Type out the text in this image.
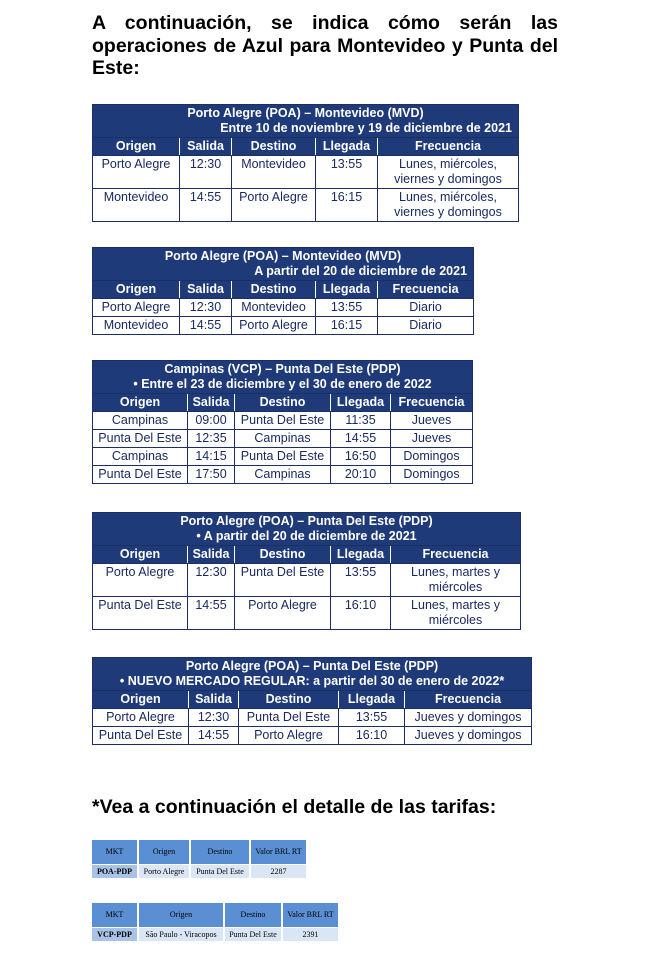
A continuación, se indica cómo serán las operaciones de Azul para Montevideo y Punta del Este:

Porto Alegre (POA) – Montevideo (MVD)
Entre 10 de noviembre y 19 de diciembre de 2021				

Origen	Salida	Destino	Llegada	Frecuencia
Porto Alegre	12:30	Montevideo	13:55	Lunes, miércoles, viernes y domingos
Montevideo	14:55	Porto Alegre	16:15	Lunes, miércoles, viernes y domingos
Porto Alegre (POA) – Montevideo (MVD)
A partir del 20 de diciembre de 2021				

Origen	Salida	Destino	Llegada	Frecuencia
Porto Alegre	12:30	Montevideo	13:55	Diario
Montevideo	14:55	Porto Alegre	16:15	Diario
Campinas (VCP) – Punta Del Este (PDP)
• Entre el 23 de diciembre y el 30 de enero de 2022				

Origen	Salida	Destino	Llegada	Frecuencia
Campinas	09:00	Punta Del Este	11:35	Jueves
Punta Del Este	12:35	Campinas	14:55	Jueves
Campinas	14:15	Punta Del Este	16:50	Domingos
Punta Del Este	17:50	Campinas	20:10	Domingos
Porto Alegre (POA) – Punta Del Este (PDP)
• A partir del 20 de diciembre de 2021				

Origen	Salida	Destino	Llegada	Frecuencia
Porto Alegre	12:30	Punta Del Este	13:55	Lunes, martes y miércoles
Punta Del Este	14:55	Porto Alegre	16:10	Lunes, martes y miércoles
Porto Alegre (POA) – Punta Del Este (PDP)
• NUEVO MERCADO REGULAR: a partir del 30 de enero de 2022*				

Origen	Salida	Destino	Llegada	Frecuencia
Porto Alegre	12:30	Punta Del Este	13:55	Jueves y domingos
Punta Del Este	14:55	Porto Alegre	16:10	Jueves y domingos
*Vea a continuación el detalle de las tarifas:
MKT	Origen	Destino	Valor BRL RT
POA-PDP	Porto Alegre	Punta Del Este	2287
MKT	Origen	Destino	Valor BRL RT
VCP-PDP	São Paulo - Viracopos	Punta Del Este	2391
